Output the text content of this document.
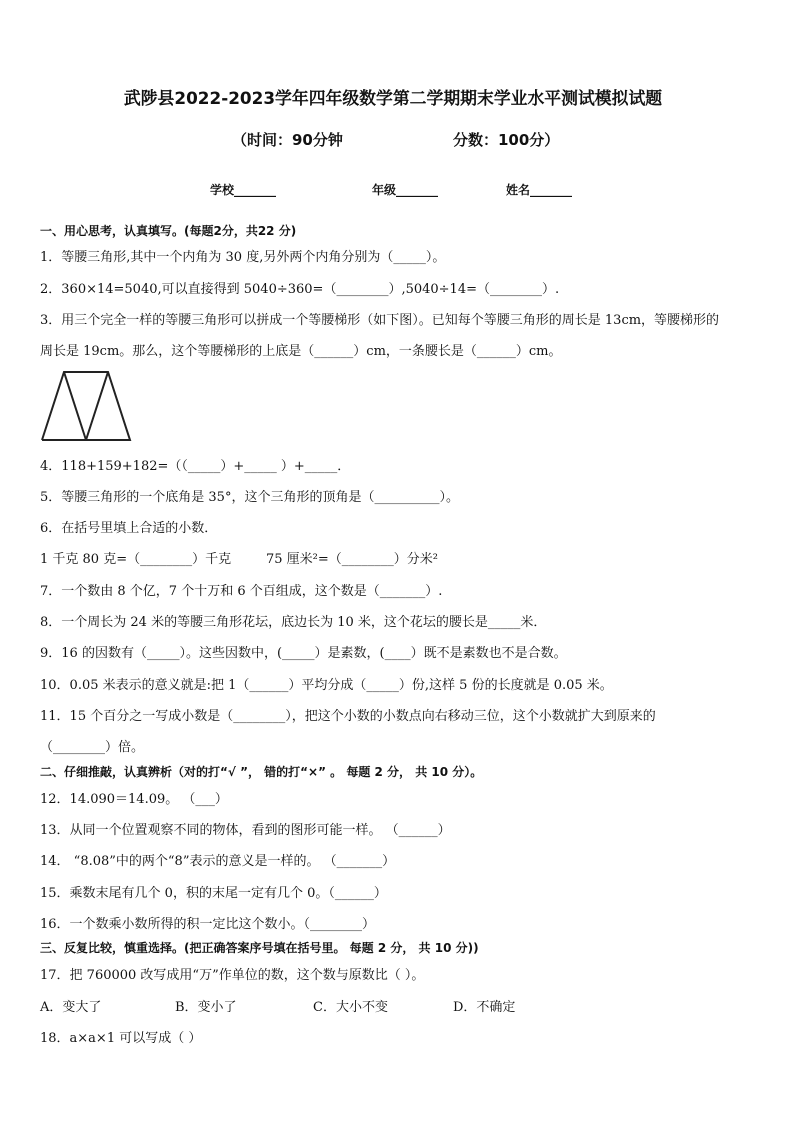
武陟县2022-2023学年四年级数学第二学期期末学业水平测试模拟试题
（时间：90分钟	分数：100分）
学校_______	年级_______	姓名_______
一、用心思考，认真填写。(每题2分，共22 分)
1．等腰三角形,其中一个内角为 30 度,另外两个内角分别为（_____）。
2．360×14=5040,可以直接得到 5040÷360=（________）,5040÷14=（________）.
3．用三个完全一样的等腰三角形可以拼成一个等腰梯形（如下图）。已知每个等腰三角形的周长是 13cm，等腰梯形的
周长是 19cm。那么，这个等腰梯形的上底是（______）cm，一条腰长是（______）cm。
4．118+159+182=（（_____）+_____ ）+_____．
5．等腰三角形的一个底角是 35°，这个三角形的顶角是（__________）。
6．在括号里填上合适的小数．
1 千克 80 克=（________）千克	75 厘米²=（________）分米²
7．一个数由 8 个亿，7 个十万和 6 个百组成，这个数是（_______）.
8．一个周长为 24 米的等腰三角形花坛，底边长为 10 米，这个花坛的腰长是_____米．
9．16 的因数有（_____）。这些因数中，(_____）是素数，(____）既不是素数也不是合数。
10．0.05 米表示的意义就是:把 1（______）平均分成（_____）份,这样 5 份的长度就是 0.05 米。
11．15 个百分之一写成小数是（________），把这个小数的小数点向右移动三位，这个小数就扩大到原来的
（________）倍。
二、仔细推敲，认真辨析（对的打“√ ”， 错的打“×” 。 每题 2 分， 共 10 分）。
12．14.090＝14.09。 （___）
13．从同一个位置观察不同的物体，看到的图形可能一样。 （______）
14． “8.08”中的两个“8”表示的意义是一样的。 （_______）
15．乘数末尾有几个 0，积的末尾一定有几个 0。（______）
16．一个数乘小数所得的积一定比这个数小。（________）
三、反复比较，慎重选择。(把正确答案序号填在括号里。 每题 2 分， 共 10 分))
17．把 760000 改写成用“万”作单位的数，这个数与原数比（ ）。
A．变大了	B．变小了	C．大小不变	D．不确定
18．a×a×1 可以写成（ ）
